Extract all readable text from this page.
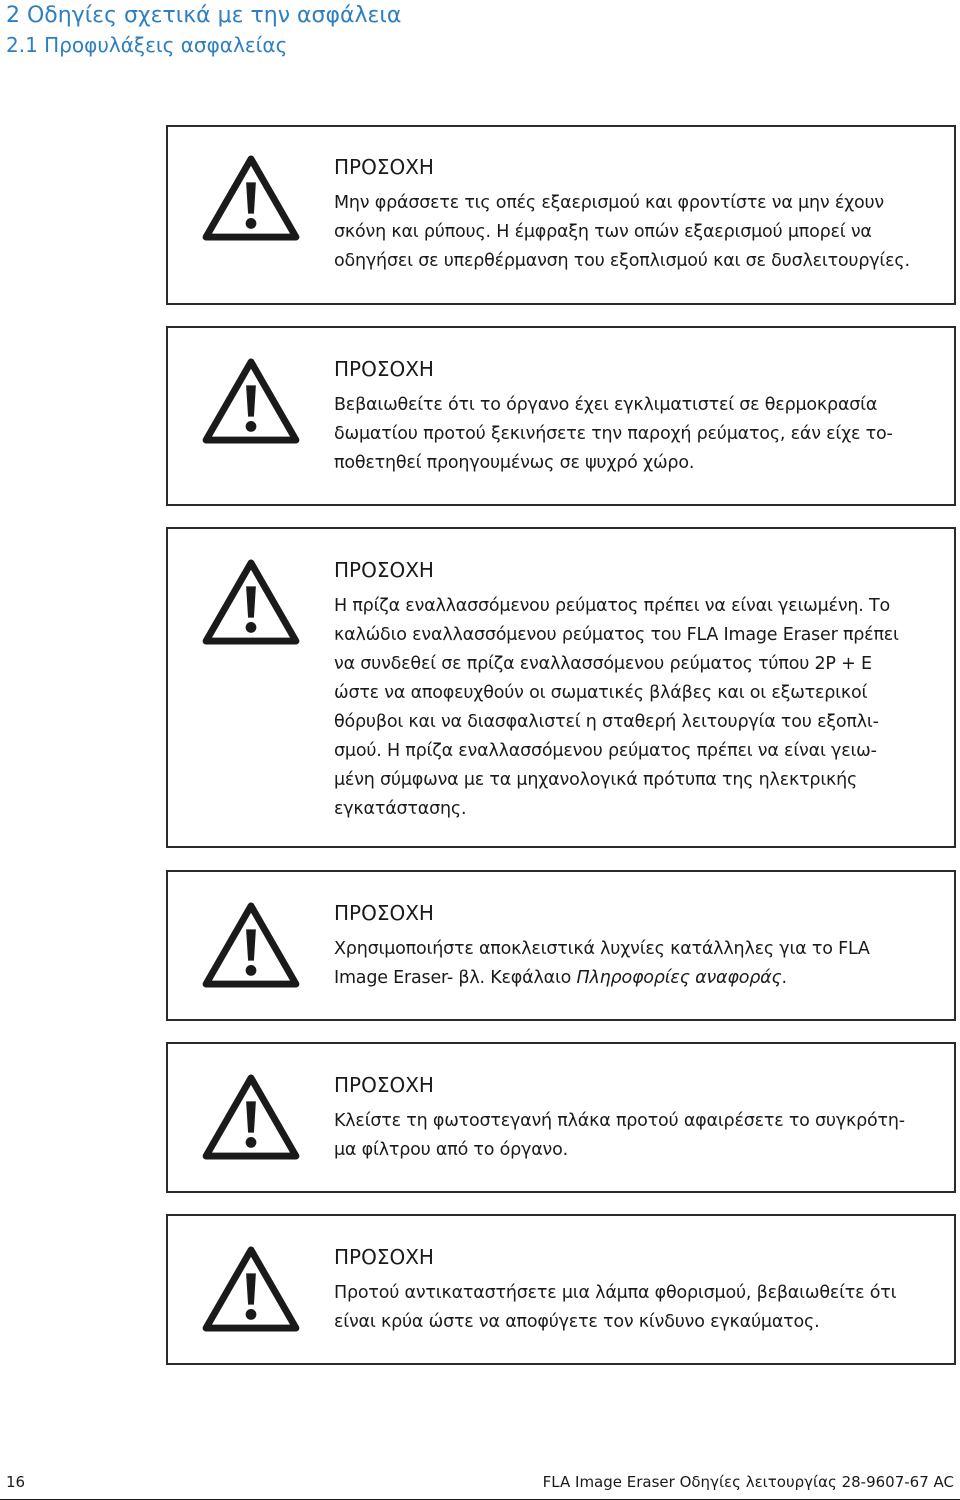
2 Οδηγίες σχετικά με την ασφάλεια
2.1 Προφυλάξεις ασφαλείας
ΠΡΟΣΟΧΗ

Μην φράσσετε τις οπές εξαερισμού και φροντίστε να μην έχουν
σκόνη και ρύπους. Η έμφραξη των οπών εξαερισμού μπορεί να
οδηγήσει σε υπερθέρμανση του εξοπλισμού και σε δυσλειτουργίες.

ΠΡΟΣΟΧΗ

Βεβαιωθείτε ότι το όργανο έχει εγκλιματιστεί σε θερμοκρασία
δωματίου προτού ξεκινήσετε την παροχή ρεύματος, εάν είχε το-
ποθετηθεί προηγουμένως σε ψυχρό χώρο.

ΠΡΟΣΟΧΗ

Η πρίζα εναλλασσόμενου ρεύματος πρέπει να είναι γειωμένη. Το
καλώδιο εναλλασσόμενου ρεύματος του FLA Image Eraser πρέπει
να συνδεθεί σε πρίζα εναλλασσόμενου ρεύματος τύπου 2P + E
ώστε να αποφευχθούν οι σωματικές βλάβες και οι εξωτερικοί
θόρυβοι και να διασφαλιστεί η σταθερή λειτουργία του εξοπλι-
σμού. Η πρίζα εναλλασσόμενου ρεύματος πρέπει να είναι γειω-
μένη σύμφωνα με τα μηχανολογικά πρότυπα της ηλεκτρικής
εγκατάστασης.

ΠΡΟΣΟΧΗ

Χρησιμοποιήστε αποκλειστικά λυχνίες κατάλληλες για το FLA
Image Eraser- βλ. Κεφάλαιο Πληροφορίες αναφοράς.

ΠΡΟΣΟΧΗ

Κλείστε τη φωτοστεγανή πλάκα προτού αφαιρέσετε το συγκρότη-
μα φίλτρου από το όργανο.

ΠΡΟΣΟΧΗ

Προτού αντικαταστήσετε μια λάμπα φθορισμού, βεβαιωθείτε ότι
είναι κρύα ώστε να αποφύγετε τον κίνδυνο εγκαύματος.

16	FLA Image Eraser Οδηγίες λειτουργίας 28-9607-67 AC
